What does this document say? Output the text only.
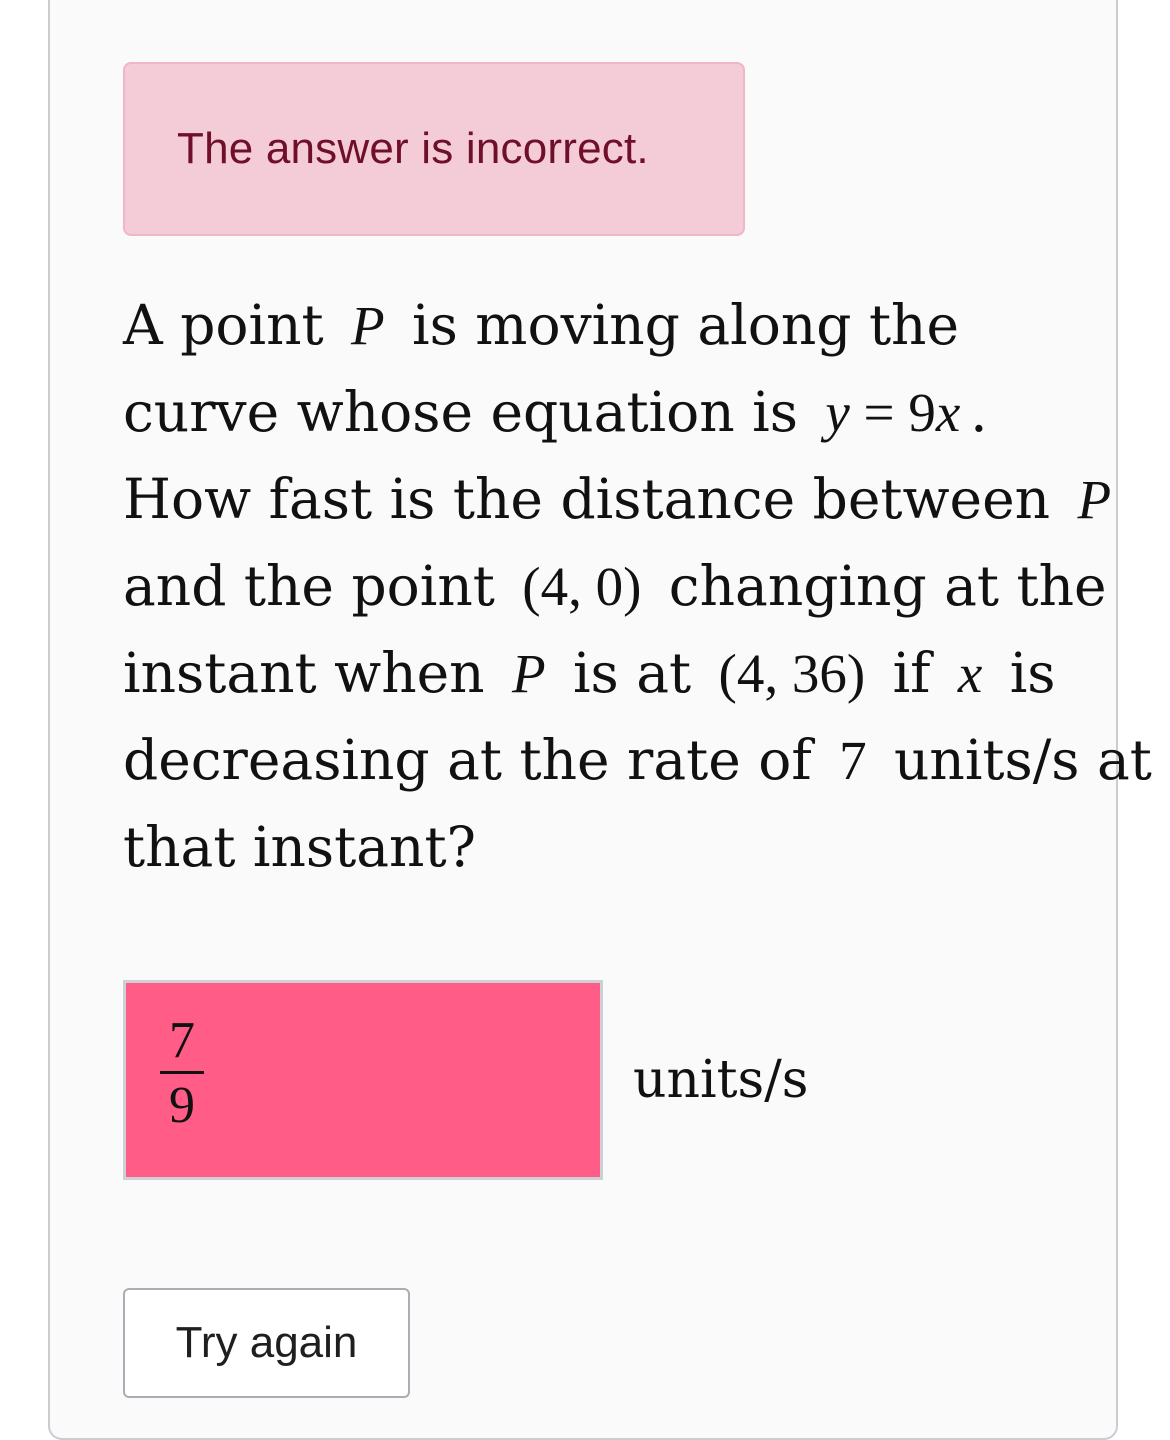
The answer is incorrect.
A point P is moving along the
curve whose equation is y = 9x .
How fast is the distance between P
and the point (4, 0) changing at the
instant when P is at (4, 36) if x is
decreasing at the rate of 7 units/s at
that instant?
7
9	units/s
Try again
